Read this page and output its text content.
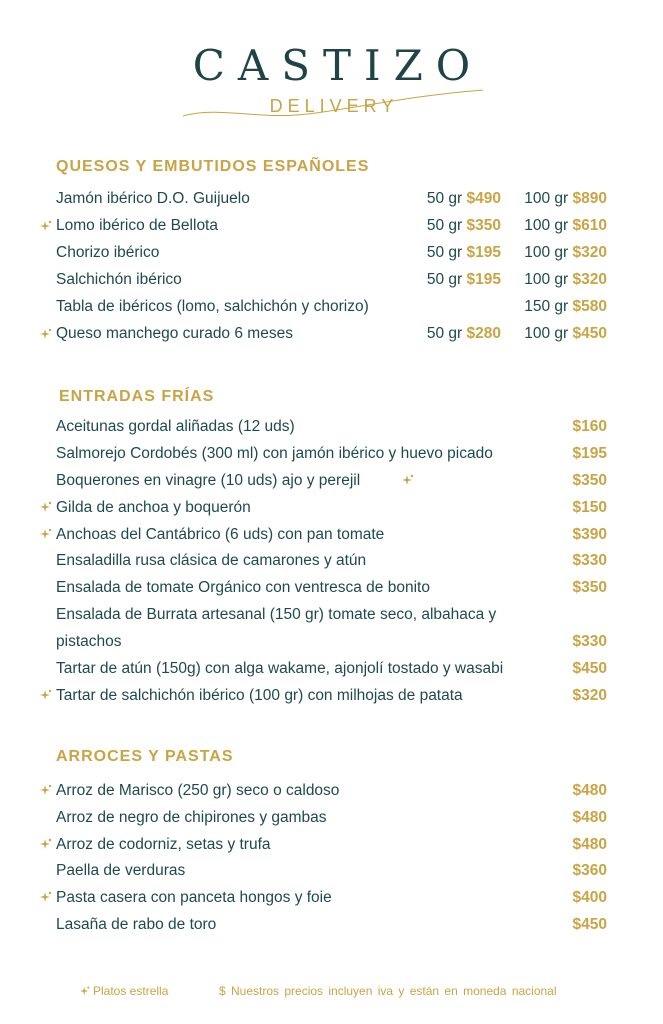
CASTIZO
DELIVERY
QUESOS Y EMBUTIDOS ESPAÑOLES
Jamón ibérico D.O. Guijuelo	50 gr $490 100 gr $890
Lomo ibérico de Bellota	50 gr $350 100 gr $610
Chorizo ibérico	50 gr $195 100 gr $320
Salchichón ibérico	50 gr $195 100 gr $320
Tabla de ibéricos (lomo, salchichón y chorizo)	150 gr $580
Queso manchego curado 6 meses	50 gr $280 100 gr $450
ENTRADAS FRÍAS
Aceitunas gordal aliñadas (12 uds)	$160
Salmorejo Cordobés (300 ml) con jamón ibérico y huevo picado	$195
Boquerones en vinagre (10 uds) ajo y perejil	$350
Gilda de anchoa y boquerón	$150
Anchoas del Cantábrico (6 uds) con pan tomate	$390
Ensaladilla rusa clásica de camarones y atún	$330
Ensalada de tomate Orgánico con ventresca de bonito	$350
Ensalada de Burrata artesanal (150 gr) tomate seco, albahaca y
pistachos	$330
Tartar de atún (150g) con alga wakame, ajonjolí tostado y wasabi	$450
Tartar de salchichón ibérico (100 gr) con milhojas de patata	$320
ARROCES Y PASTAS
Arroz de Marisco (250 gr) seco o caldoso	$480
Arroz de negro de chipirones y gambas	$480
Arroz de codorniz, setas y trufa	$480
Paella de verduras	$360
Pasta casera con panceta hongos y foie	$400
Lasaña de rabo de toro	$450
Platos estrella	$ Nuestros precios incluyen iva y están en moneda nacional
